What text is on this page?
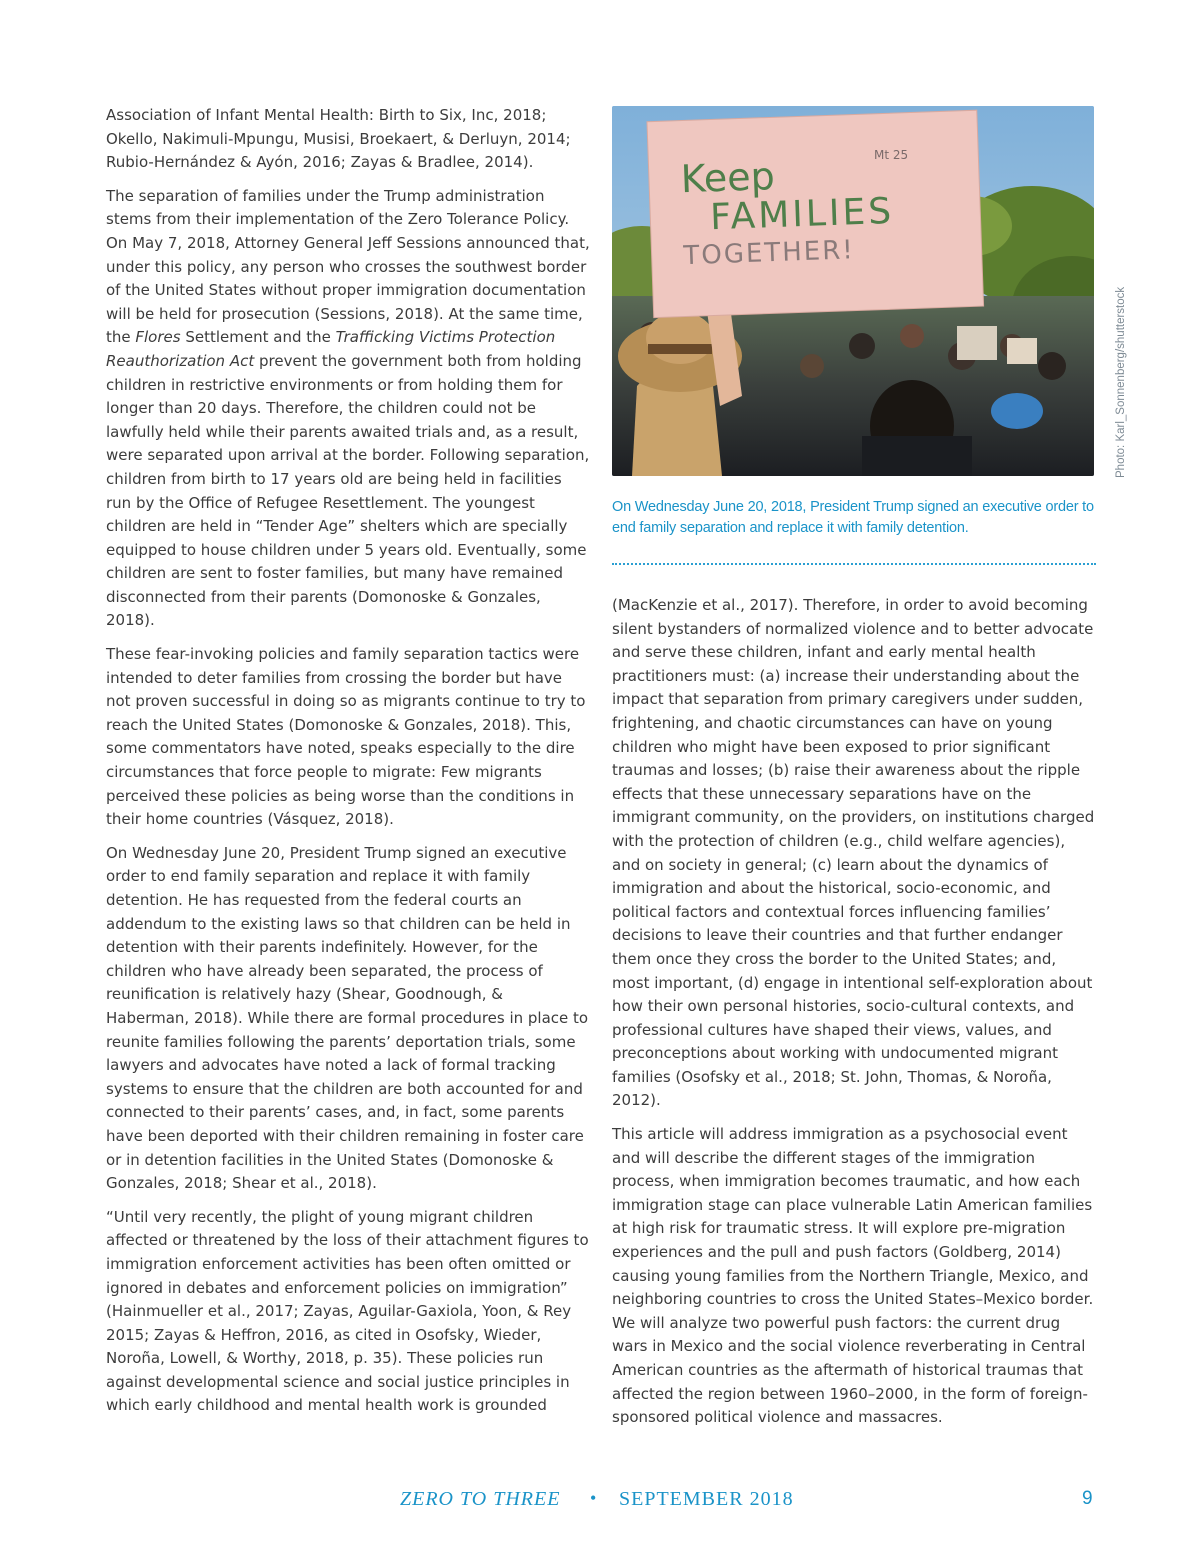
Association of Infant Mental Health: Birth to Six, Inc, 2018; Okello, Nakimuli-Mpungu, Musisi, Broekaert, & Derluyn, 2014; Rubio-Hernández & Ayón, 2016; Zayas & Bradlee, 2014).

The separation of families under the Trump administration stems from their implementation of the Zero Tolerance Policy. On May 7, 2018, Attorney General Jeff Sessions announced that, under this policy, any person who crosses the southwest border of the United States without proper immigration documentation will be held for prosecution (Sessions, 2018). At the same time, the Flores Settlement and the Trafficking Victims Protection Reauthorization Act prevent the government both from holding children in restrictive environments or from holding them for longer than 20 days. Therefore, the children could not be lawfully held while their parents awaited trials and, as a result, were separated upon arrival at the border. Following separation, children from birth to 17 years old are being held in facilities run by the Office of Refugee Resettlement. The youngest children are held in “Tender Age” shelters which are specially equipped to house children under 5 years old. Eventually, some children are sent to foster families, but many have remained disconnected from their parents (Domonoske & Gonzales, 2018).

These fear-invoking policies and family separation tactics were intended to deter families from crossing the border but have not proven successful in doing so as migrants continue to try to reach the United States (Domonoske & Gonzales, 2018). This, some commentators have noted, speaks especially to the dire circumstances that force people to migrate: Few migrants perceived these policies as being worse than the conditions in their home countries (Vásquez, 2018).

On Wednesday June 20, President Trump signed an executive order to end family separation and replace it with family detention. He has requested from the federal courts an addendum to the existing laws so that children can be held in detention with their parents indefinitely. However, for the children who have already been separated, the process of reunification is relatively hazy (Shear, Goodnough, & Haberman, 2018). While there are formal procedures in place to reunite families following the parents’ deportation trials, some lawyers and advocates have noted a lack of formal tracking systems to ensure that the children are both accounted for and connected to their parents’ cases, and, in fact, some parents have been deported with their children remaining in foster care or in detention facilities in the United States (Domonoske & Gonzales, 2018; Shear et al., 2018).

“Until very recently, the plight of young migrant children affected or threatened by the loss of their attachment figures to immigration enforcement activities has been often omitted or ignored in debates and enforcement policies on immigration” (Hainmueller et al., 2017; Zayas, Aguilar-Gaxiola, Yoon, & Rey 2015; Zayas & Heffron, 2016, as cited in Osofsky, Wieder, Noroña, Lowell, & Worthy, 2018, p. 35). These policies run against developmental science and social justice principles in which early childhood and mental health work is grounded

Keep
FAMILIES
TOGETHER!
Mt 25
Photo: Karl_Sonnenberg/shutterstock
On Wednesday June 20, 2018, President Trump signed an executive order to end family separation and replace it with family detention.

(MacKenzie et al., 2017). Therefore, in order to avoid becoming silent bystanders of normalized violence and to better advocate and serve these children, infant and early mental health practitioners must: (a) increase their understanding about the impact that separation from primary caregivers under sudden, frightening, and chaotic circumstances can have on young children who might have been exposed to prior significant traumas and losses; (b) raise their awareness about the ripple effects that these unnecessary separations have on the immigrant community, on the providers, on institutions charged with the protection of children (e.g., child welfare agencies), and on society in general; (c) learn about the dynamics of immigration and about the historical, socio-economic, and political factors and contextual forces influencing families’ decisions to leave their countries and that further endanger them once they cross the border to the United States; and, most important, (d) engage in intentional self-exploration about how their own personal histories, socio-cultural contexts, and professional cultures have shaped their views, values, and preconceptions about working with undocumented migrant families (Osofsky et al., 2018; St. John, Thomas, & Noroña, 2012).

This article will address immigration as a psychosocial event and will describe the different stages of the immigration process, when immigration becomes traumatic, and how each immigration stage can place vulnerable Latin American families at high risk for traumatic stress. It will explore pre-migration experiences and the pull and push factors (Goldberg, 2014) causing young families from the Northern Triangle, Mexico, and neighboring countries to cross the United States–Mexico border. We will analyze two powerful push factors: the current drug wars in Mexico and the social violence reverberating in Central American countries as the aftermath of historical traumas that affected the region between 1960–2000, in the form of foreign-sponsored political violence and massacres.

ZERO TO THREE • SEPTEMBER 2018	9
